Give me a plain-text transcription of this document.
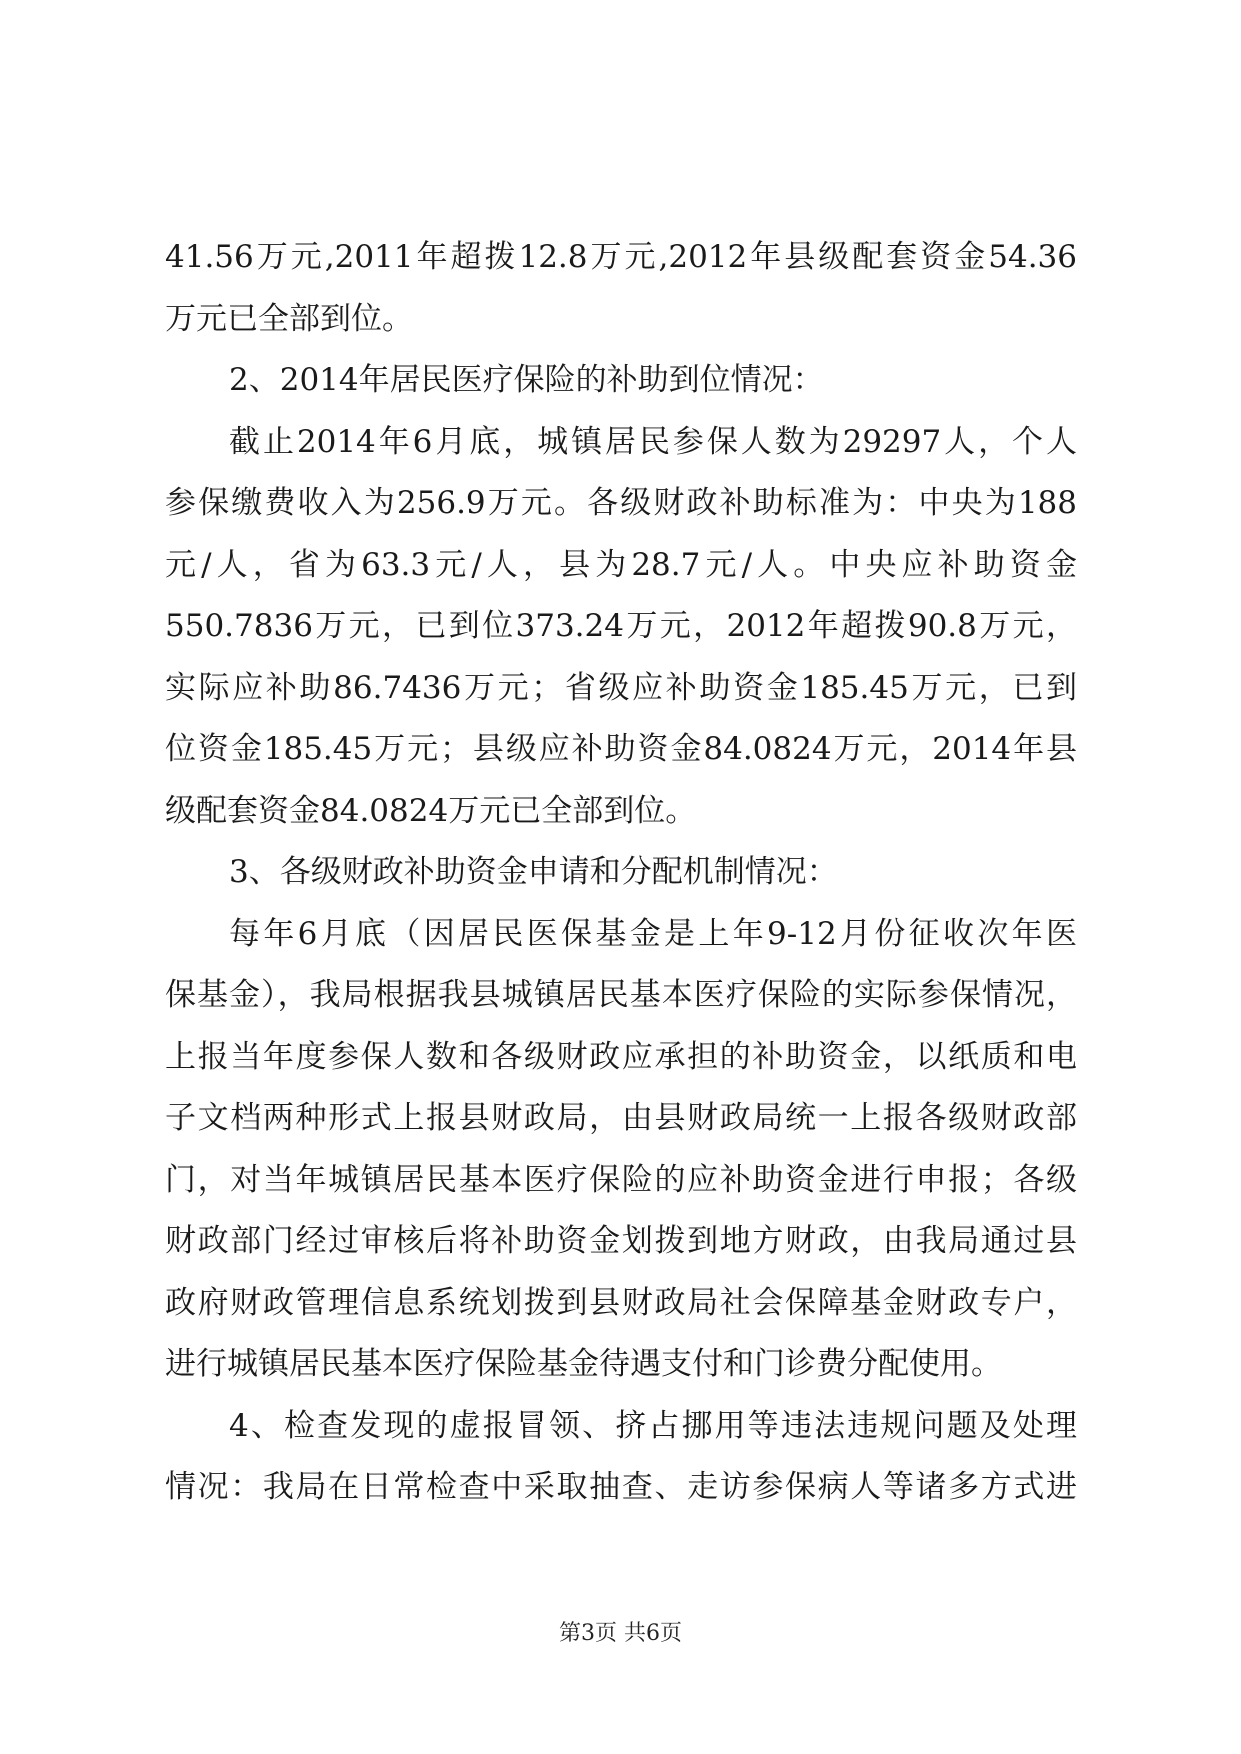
41.56万元,2011年超拨12.8万元,2012年县级配套资金54.36
万元已全部到位。
2、2014年居民医疗保险的补助到位情况：
截止2014年6月底，城镇居民参保人数为29297人，个人
参保缴费收入为256.9万元。各级财政补助标准为：中央为188
元/人，省为63.3元/人，县为28.7元/人。中央应补助资金
550.7836万元，已到位373.24万元，2012年超拨90.8万元，
实际应补助86.7436万元；省级应补助资金185.45万元，已到
位资金185.45万元；县级应补助资金84.0824万元，2014年县
级配套资金84.0824万元已全部到位。
3、各级财政补助资金申请和分配机制情况：
每年6月底（因居民医保基金是上年9-12月份征收次年医
保基金），我局根据我县城镇居民基本医疗保险的实际参保情况，
上报当年度参保人数和各级财政应承担的补助资金，以纸质和电
子文档两种形式上报县财政局，由县财政局统一上报各级财政部
门，对当年城镇居民基本医疗保险的应补助资金进行申报；各级
财政部门经过审核后将补助资金划拨到地方财政，由我局通过县
政府财政管理信息系统划拨到县财政局社会保障基金财政专户，
进行城镇居民基本医疗保险基金待遇支付和门诊费分配使用。
4、检查发现的虚报冒领、挤占挪用等违法违规问题及处理
情况：我局在日常检查中采取抽查、走访参保病人等诸多方式进
第3页 共6页
